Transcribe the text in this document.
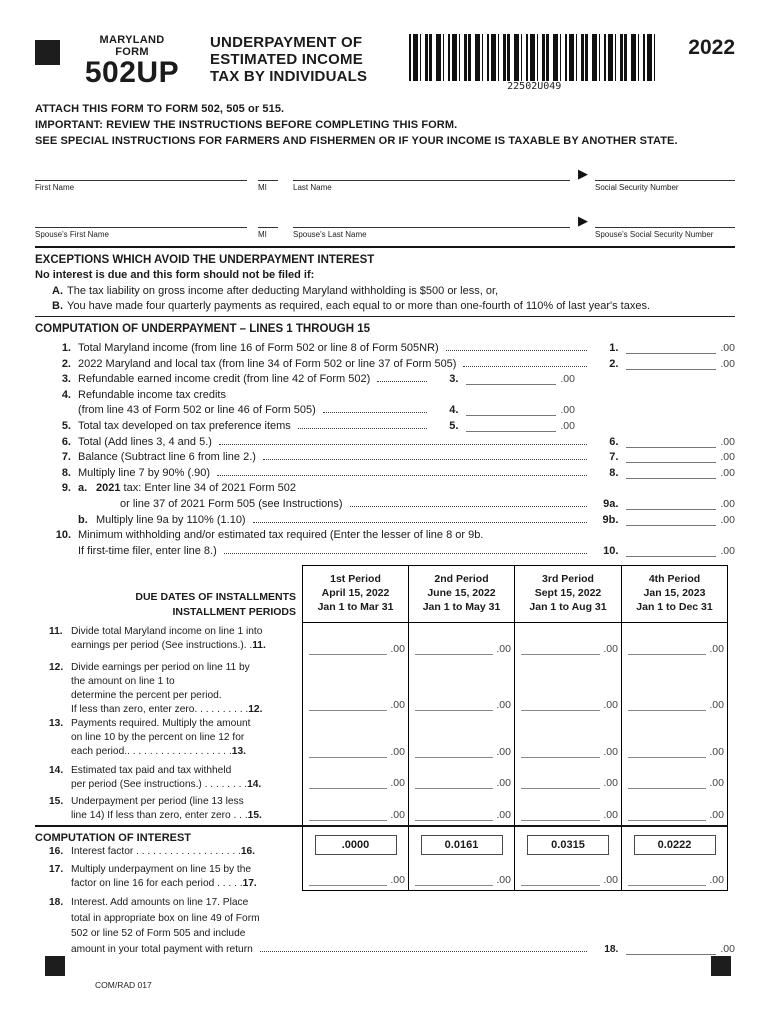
MARYLAND
FORM
502UP
UNDERPAYMENT OF
ESTIMATED INCOME
TAX BY INDIVIDUALS
22502U049
2022
ATTACH THIS FORM TO FORM 502, 505 or 515.
IMPORTANT: REVIEW THE INSTRUCTIONS BEFORE COMPLETING THIS FORM.
SEE SPECIAL INSTRUCTIONS FOR FARMERS AND FISHERMEN OR IF YOUR INCOME IS TAXABLE BY ANOTHER STATE.
First Name	MI	Last Name
▶
Social Security Number
Spouse's First Name	MI	Spouse's Last Name
▶
Spouse's Social Security Number
EXCEPTIONS WHICH AVOID THE UNDERPAYMENT INTEREST
No interest is due and this form should not be filed if:
A. The tax liability on gross income after deducting Maryland withholding is $500 or less, or,
B. You have made four quarterly payments as required, each equal to or more than one-fourth of 110% of last year's taxes.
COMPUTATION OF UNDERPAYMENT – LINES 1 THROUGH 15
1. Total Maryland income (from line 16 of Form 502 or line 8 of Form 505NR)	1.	.00
2. 2022 Maryland and local tax (from line 34 of Form 502 or line 37 of Form 505)	2.	.00
3. Refundable earned income credit (from line 42 of Form 502)	3.	.00
4. Refundable income tax credits
(from line 43 of Form 502 or line 46 of Form 505)	4.	.00
5. Total tax developed on tax preference items	5.	.00
6. Total (Add lines 3, 4 and 5.)	6.	.00
7. Balance (Subtract line 6 from line 2.)	7.	.00
8. Multiply line 7 by 90% (.90)	8.	.00
9. a. 2021
tax: Enter line 34 of 2021 Form 502
or line 37 of 2021 Form 505 (see Instructions)	9a.	.00
b. Multiply line 9a by 110% (1.10)	9b.	.00
10. Minimum withholding and/or estimated tax required (Enter the lesser of line 8 or 9b.
If first-time filer, enter line 8.)	10.	.00
DUE DATES OF INSTALLMENTS
INSTALLMENT PERIODS
1st Period
April 15, 2022
Jan 1 to Mar 31
2nd Period
June 15, 2022
Jan 1 to May 31
3rd Period
Sept 15, 2022
Jan 1 to Aug 31
4th Period
Jan 15, 2023
Jan 1 to Dec 31
11. Divide total Maryland income on line 1 into
earnings per period (See instructions.). .11.	.00	.00	.00	.00
12. Divide earnings per period on line 11 by
the amount on line 1 to
determine the percent per period.
If less than zero, enter zero. . . . . . . . . .12.	.00	.00	.00	.00
13. Payments required. Multiply the amount
on line 10 by the percent on line 12 for
each period.. . . . . . . . . . . . . . . . . . .13.	.00	.00	.00	.00
14. Estimated tax paid and tax withheld
per period (See instructions.) . . . . . . . .14.	.00	.00	.00	.00
15. Underpayment per period (line 13 less
line 14) If less than zero, enter zero . . .15.	.00	.00	.00	.00
COMPUTATION OF INTEREST
16. Interest factor . . . . . . . . . . . . . . . . . . .16.
.0000	0.0161	0.0315	0.0222
17. Multiply underpayment on line 15 by the
factor on line 16 for each period . . . . .17.	.00	.00	.00	.00
18. Interest. Add amounts on line 17. Place
total in appropriate box on line 49 of Form
502 or line 52 of Form 505 and include
amount in your total payment with return	18.	.00
COM/RAD 017
